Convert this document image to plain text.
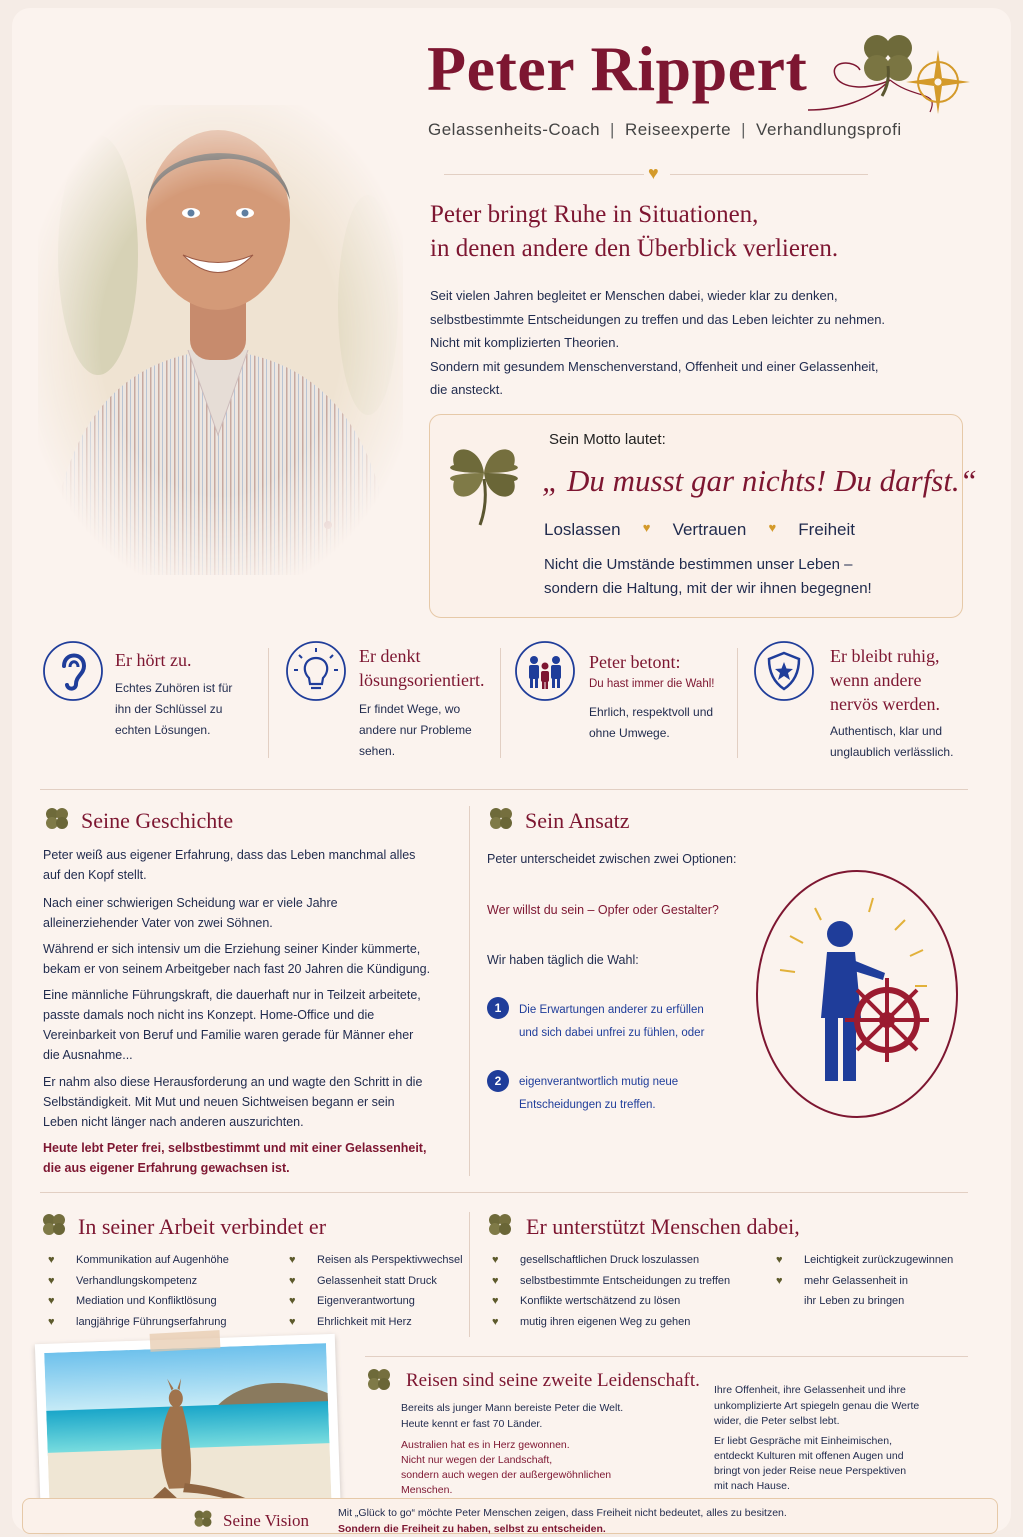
Peter Rippert
Gelassenheits-Coach | Reiseexperte | Verhandlungsprofi
♥
Peter bringt Ruhe in Situationen,
in denen andere den Überblick verlieren.
Seit vielen Jahren begleitet er Menschen dabei, wieder klar zu denken,
selbstbestimmte Entscheidungen zu treffen und das Leben leichter zu nehmen.
Nicht mit komplizierten Theorien.
Sondern mit gesundem Menschenverstand, Offenheit und einer Gelassenheit,
die ansteckt.
Sein Motto lautet:
„ Du musst gar nichts! Du darfst.“
Loslassen	♥	Vertrauen	♥	Freiheit
Nicht die Umstände bestimmen unser Leben –
sondern die Haltung, mit der wir ihnen begegnen!
Er hört zu.
Echtes Zuhören ist für
ihn der Schlüssel zu
echten Lösungen.
Er denkt
lösungsorientiert.
Er findet Wege, wo
andere nur Probleme
sehen.
Peter betont:
Du hast immer die Wahl!
Ehrlich, respektvoll und
ohne Umwege.
Er bleibt ruhig,
wenn andere
nervös werden.
Authentisch, klar und
unglaublich verlässlich.
Seine Geschichte
Peter weiß aus eigener Erfahrung, dass das Leben manchmal alles
auf den Kopf stellt.
Nach einer schwierigen Scheidung war er viele Jahre
alleinerziehender Vater von zwei Söhnen.
Während er sich intensiv um die Erziehung seiner Kinder kümmerte,
bekam er von seinem Arbeitgeber nach fast 20 Jahren die Kündigung.
Eine männliche Führungskraft, die dauerhaft nur in Teilzeit arbeitete,
passte damals noch nicht ins Konzept. Home-Office und die
Vereinbarkeit von Beruf und Familie waren gerade für Männer eher
die Ausnahme...
Er nahm also diese Herausforderung an und wagte den Schritt in die
Selbständigkeit. Mit Mut und neuen Sichtweisen begann er sein
Leben nicht länger nach anderen auszurichten.
Heute lebt Peter frei, selbstbestimmt und mit einer Gelassenheit,
die aus eigener Erfahrung gewachsen ist.
Sein Ansatz
Peter unterscheidet zwischen zwei Optionen:
Wer willst du sein – Opfer oder Gestalter?
Wir haben täglich die Wahl:
1	Die Erwartungen anderer zu erfüllen
und sich dabei unfrei zu fühlen, oder
2	eigenverantwortlich mutig neue
Entscheidungen zu treffen.
In seiner Arbeit verbindet er
♥ Kommunikation auf Augenhöhe
♥ Verhandlungskompetenz
♥ Mediation und Konfliktlösung
♥ langjährige Führungserfahrung
♥ Reisen als Perspektivwechsel
♥ Gelassenheit statt Druck
♥ Eigenverantwortung
♥ Ehrlichkeit mit Herz
Er unterstützt Menschen dabei,
♥ gesellschaftlichen Druck loszulassen
♥ selbstbestimmte Entscheidungen zu treffen
♥ Konflikte wertschätzend zu lösen
♥ mutig ihren eigenen Weg zu gehen
♥ Leichtigkeit zurückzugewinnen
♥ mehr Gelassenheit in
ihr Leben zu bringen
Reisen sind seine zweite Leidenschaft.
Bereits als junger Mann bereiste Peter die Welt.
Heute kennt er fast 70 Länder.
Australien hat es in Herz gewonnen.
Nicht nur wegen der Landschaft,
sondern auch wegen der außergewöhnlichen
Menschen.
Ihre Offenheit, ihre Gelassenheit und ihre
unkomplizierte Art spiegeln genau die Werte
wider, die Peter selbst lebt.
Er liebt Gespräche mit Einheimischen,
entdeckt Kulturen mit offenen Augen und
bringt von jeder Reise neue Perspektiven
mit nach Hause.
Seine Vision	Mit „Glück to go“ möchte Peter Menschen zeigen, dass Freiheit nicht bedeutet, alles zu besitzen.
Sondern die Freiheit zu haben, selbst zu entscheiden.
